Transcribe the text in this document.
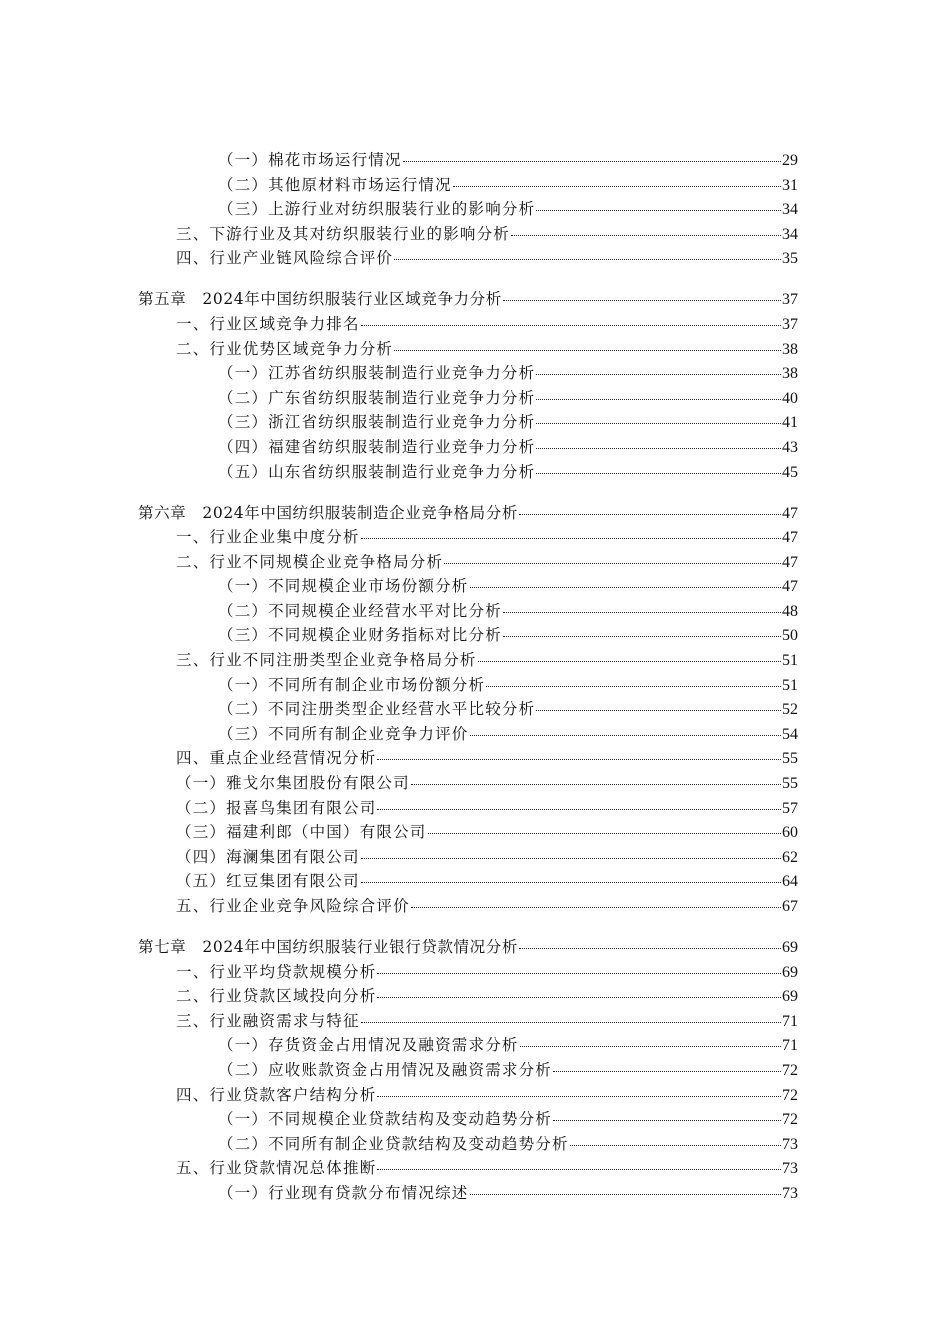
（一）棉花市场运行情况	29
（二）其他原材料市场运行情况	31
（三）上游行业对纺织服装行业的影响分析	34
三、下游行业及其对纺织服装行业的影响分析	34
四、行业产业链风险综合评价	35
第五章　2024年中国纺织服装行业区域竞争力分析	37
一、行业区域竞争力排名	37
二、行业优势区域竞争力分析	38
（一）江苏省纺织服装制造行业竞争力分析	38
（二）广东省纺织服装制造行业竞争力分析	40
（三）浙江省纺织服装制造行业竞争力分析	41
（四）福建省纺织服装制造行业竞争力分析	43
（五）山东省纺织服装制造行业竞争力分析	45
第六章　2024年中国纺织服装制造企业竞争格局分析	47
一、行业企业集中度分析	47
二、行业不同规模企业竞争格局分析	47
（一）不同规模企业市场份额分析	47
（二）不同规模企业经营水平对比分析	48
（三）不同规模企业财务指标对比分析	50
三、行业不同注册类型企业竞争格局分析	51
（一）不同所有制企业市场份额分析	51
（二）不同注册类型企业经营水平比较分析	52
（三）不同所有制企业竞争力评价	54
四、重点企业经营情况分析	55
（一）雅戈尔集团股份有限公司	55
（二）报喜鸟集团有限公司	57
（三）福建利郎（中国）有限公司	60
（四）海澜集团有限公司	62
（五）红豆集团有限公司	64
五、行业企业竞争风险综合评价	67
第七章　2024年中国纺织服装行业银行贷款情况分析	69
一、行业平均贷款规模分析	69
二、行业贷款区域投向分析	69
三、行业融资需求与特征	71
（一）存货资金占用情况及融资需求分析	71
（二）应收账款资金占用情况及融资需求分析	72
四、行业贷款客户结构分析	72
（一）不同规模企业贷款结构及变动趋势分析	72
（二）不同所有制企业贷款结构及变动趋势分析	73
五、行业贷款情况总体推断	73
（一）行业现有贷款分布情况综述	73
